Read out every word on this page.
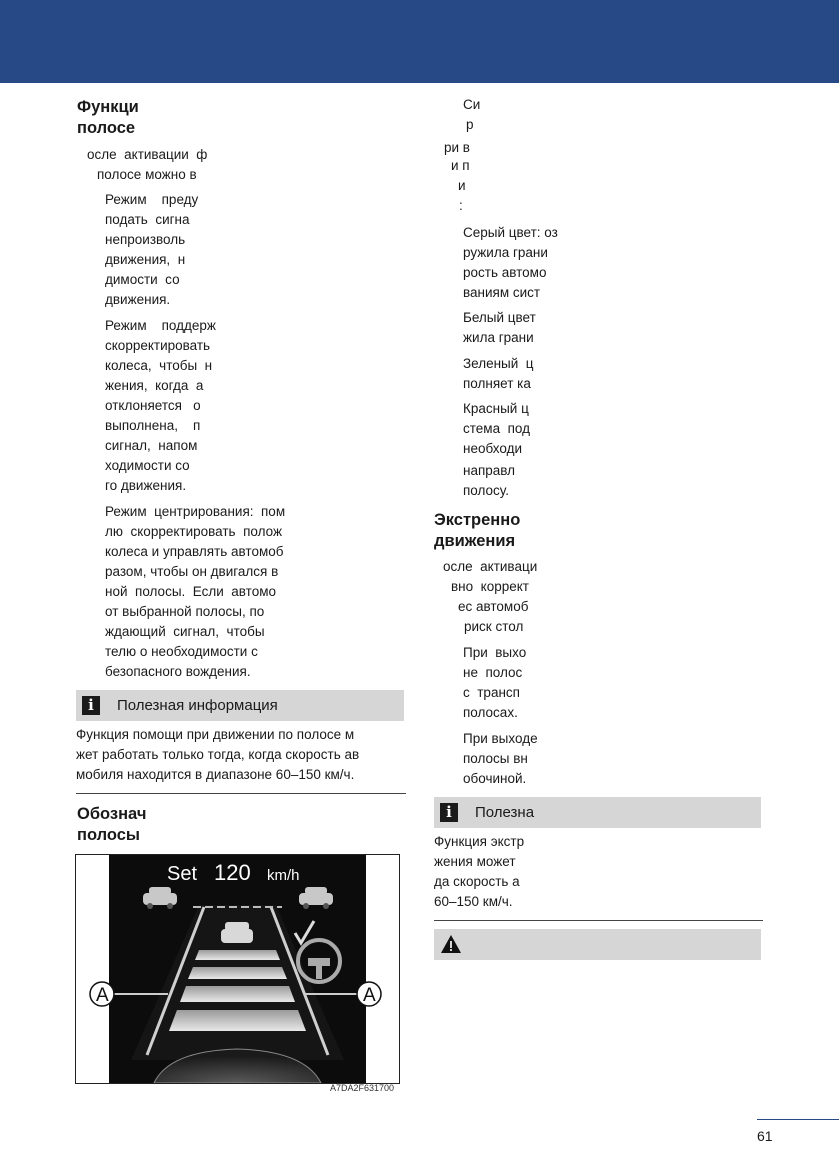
Функци
полосе
осле  активации  ф
полосе можно в
Режим    преду
подать  сигна
непроизволь
движения,  н
димости  со
движения.
Режим    поддерж
скорректировать
колеса,  чтобы  н
жения,  когда  а
отклоняется   о
выполнена,    п
сигнал,  напом
ходимости со
го движения.
Режим  центрирования:  пом
лю  скорректировать  полож
колеса и управлять автомоб
разом, чтобы он двигался в
ной  полосы.  Если  автомо
от выбранной полосы, по
ждающий  сигнал,  чтобы
телю о необходимости с
безопасного вождения.
i	Полезная информация
Функция помощи при движении по полосе м
жет работать только тогда, когда скорость ав
мобиля находится в диапазоне 60–150 км/ч.
Обознач
полосы
Set 120 km/h
A	A
A7DA2F631700
Си
р
ри в
и п
и
:
Серый цвет: оз
ружила грани
рость автомо
ваниям сист
Белый цвет
жила грани
Зеленый  ц
полняет ка
Красный ц
стема  под
необходи
направл
полосу.
Экстренно
движения
осле  активаци
вно  коррект
ес автомоб
риск стол
При  выхо
не  полос
с  трансп
полосах.
При выходе
полосы вн
обочиной.
i	Полезна
Функция экстр
жения может
да скорость а
60–150 км/ч.
61
